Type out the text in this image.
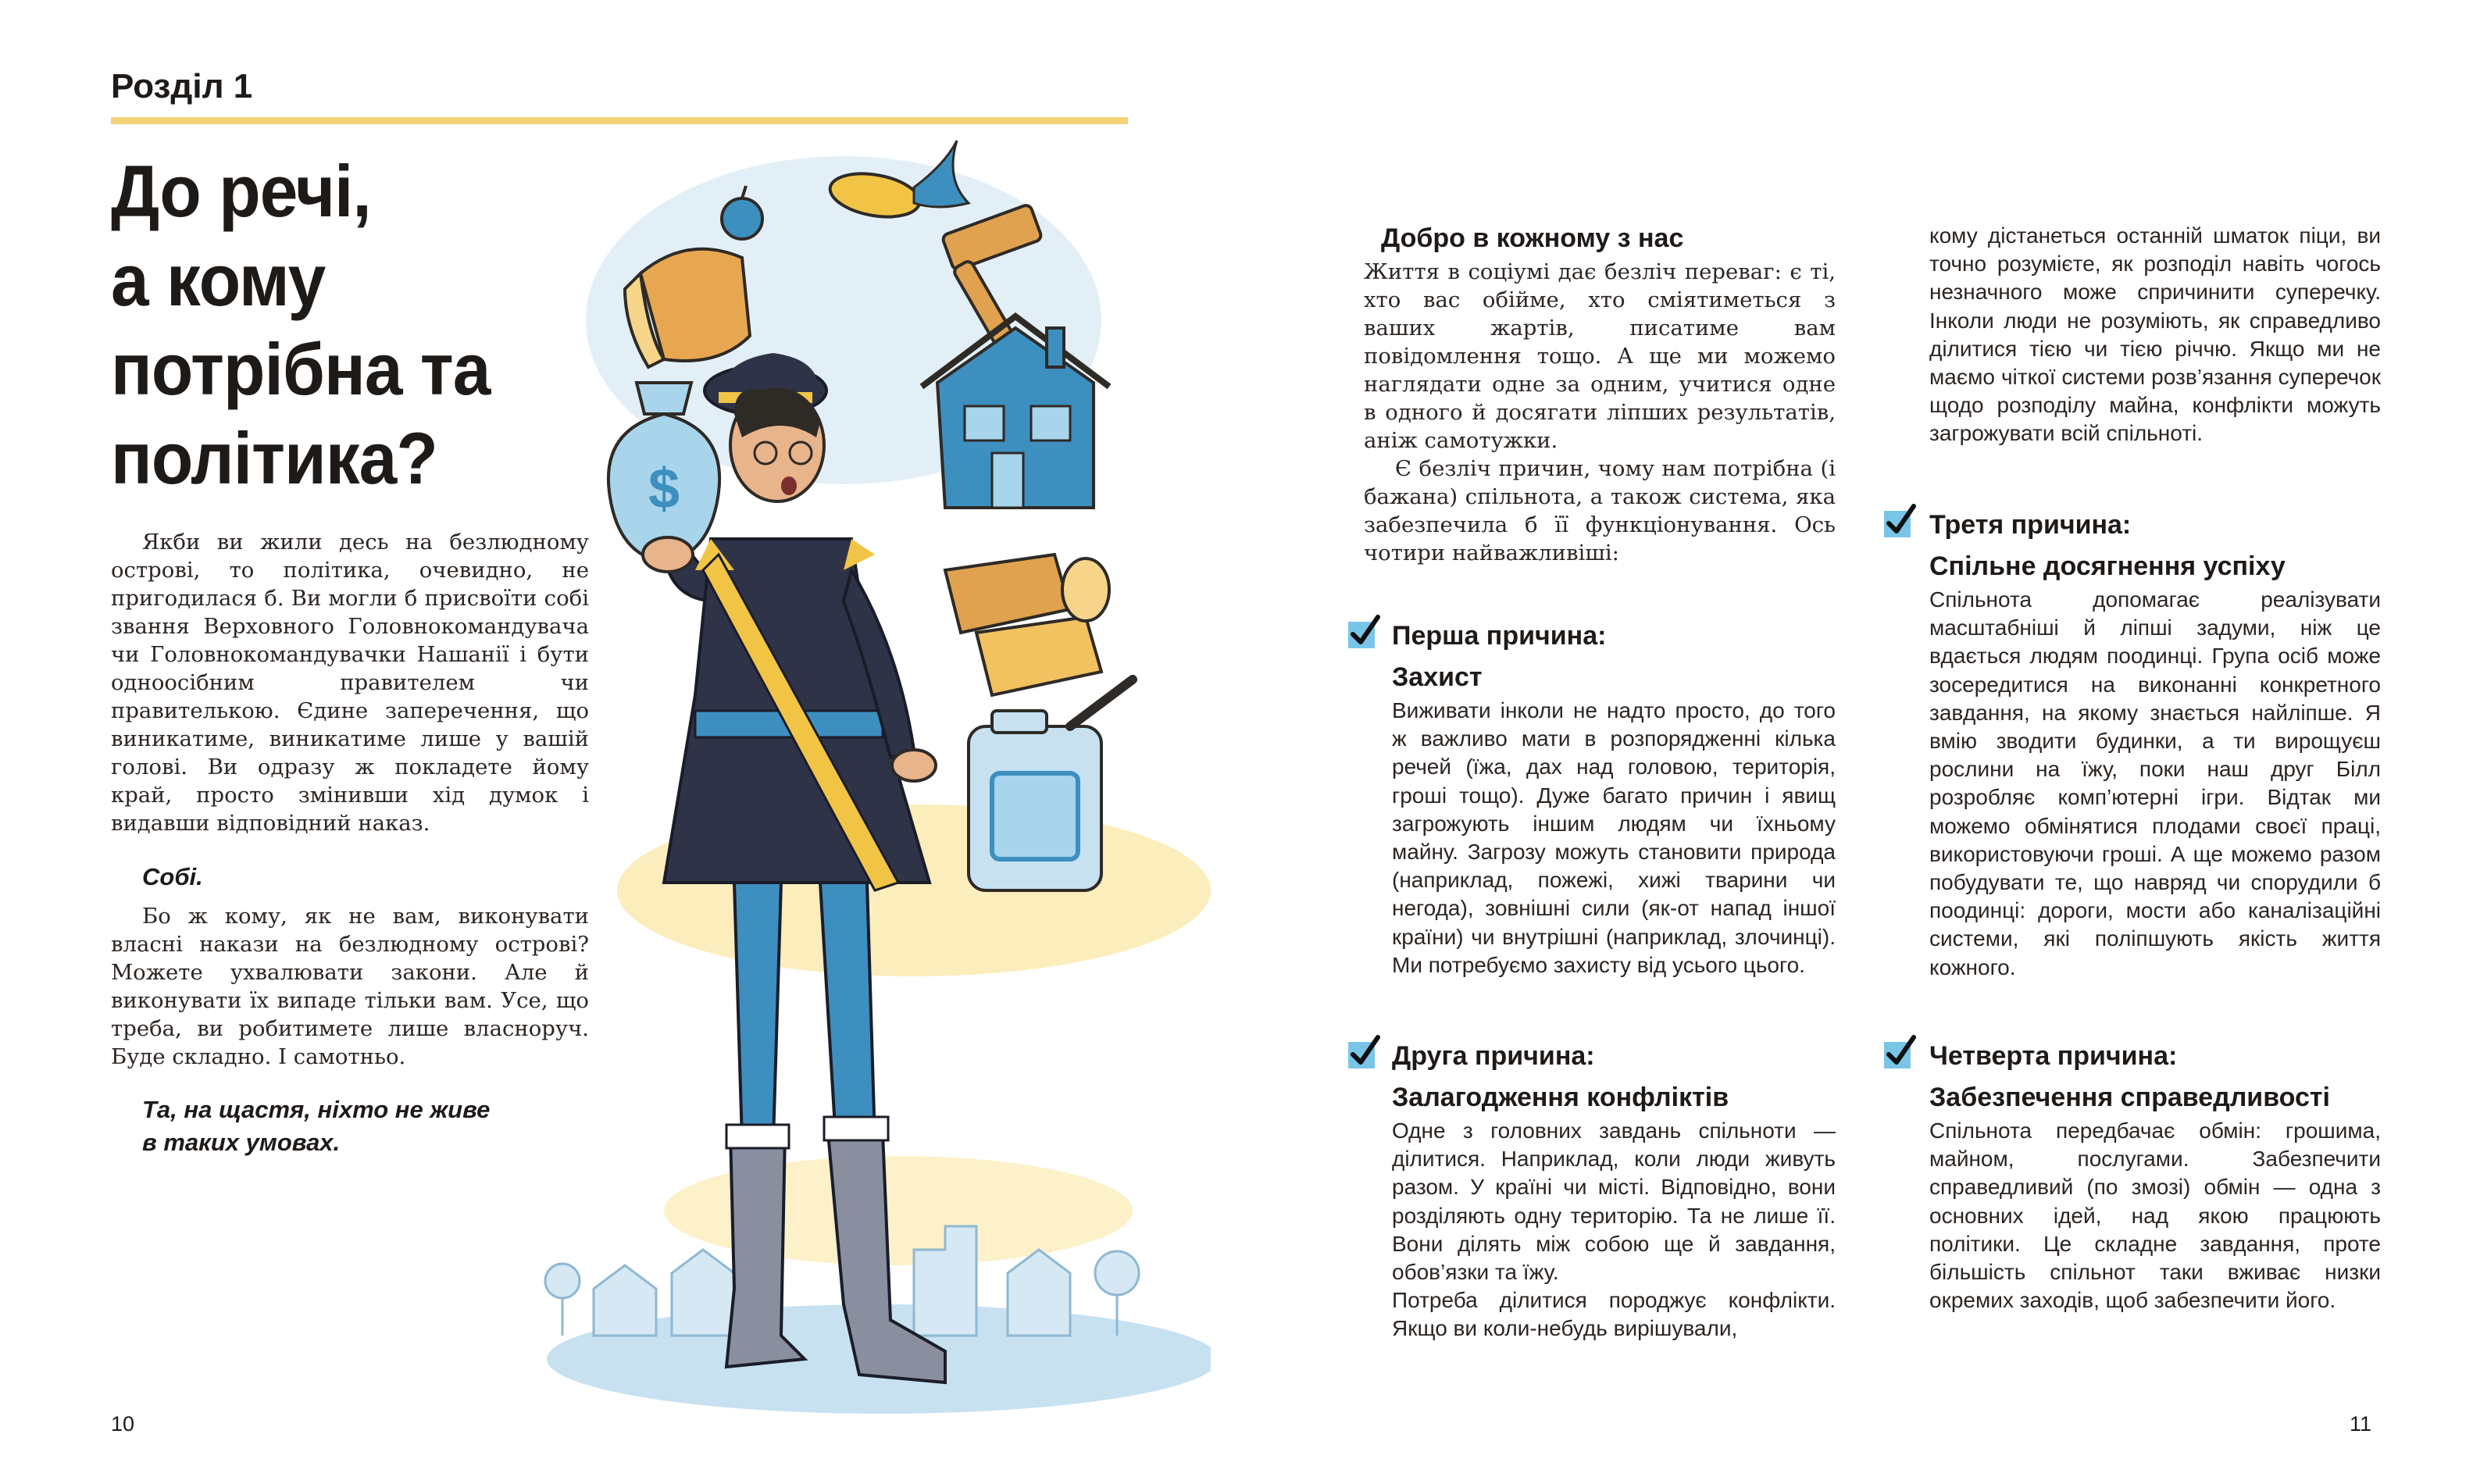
Розділ 1
До речі,
а кому
потрібна та
політика?

Якби ви жили десь на безлюдному острові, то політика, очевидно, не пригодилася б. Ви могли б присвоїти собі звання Верховного Головнокомандувача чи Головнокомандувачки Нашанії і бути одноосібним правителем чи правителькою. Єдине заперечення, що виникатиме, виникатиме лише у вашій голові. Ви одразу ж покладете йому край, просто змінивши хід думок і видавши відповідний наказ.

Собі.

Бо ж кому, як не вам, виконувати власні накази на безлюдному острові? Можете ухвалювати закони. Але й виконувати їх випаде тільки вам. Усе, що треба, ви робитимете лише власноруч. Буде складно. І самотньо.

Та, на щастя, ніхто не живе
в таких умовах.
10
$
Добро в кожному з нас

Життя в соціумі дає безліч переваг: є ті, хто вас обійме, хто сміятиметься з ваших жартів, писатиме вам повідомлення тощо. А ще ми можемо наглядати одне за одним, учитися одне в одного й досягати ліпших результатів, аніж самотужки.

Є безліч причин, чому нам потрібна (і бажана) спільнота, а також система, яка забезпечила б її функціонування. Ось чотири найважливіші:

Перша причина:
Захист

Виживати інколи не надто просто, до того ж важливо мати в розпорядженні кілька речей (їжа, дах над головою, територія, гроші тощо). Дуже багато причин і явищ загрожують іншим людям чи їхньому майну. Загрозу можуть становити природа (наприклад, пожежі, хижі тварини чи негода), зовнішні сили (як-от напад іншої країни) чи внутрішні (наприклад, злочинці). Ми потребуємо захисту від усього цього.

Друга причина:
Залагодження конфліктів

Одне з головних завдань спільноти — ділитися. Наприклад, коли люди живуть разом. У країні чи місті. Відповідно, вони розділяють одну територію. Та не лише її. Вони ділять між собою ще й завдання, обов’язки та їжу.

Потреба ділитися породжує конфлікти. Якщо ви коли-небудь вирішували,

кому дістанеться останній шматок піци, ви точно розумієте, як розподіл навіть чогось незначного може спричинити суперечку. Інколи люди не розуміють, як справедливо ділитися тією чи тією річчю. Якщо ми не маємо чіткої системи розв’язання суперечок щодо розподілу майна, конфлікти можуть загрожувати всій спільноті.

Третя причина:
Спільне досягнення успіху

Спільнота допомагає реалізувати масштабніші й ліпші задуми, ніж це вдається людям поодинці. Група осіб може зосередитися на виконанні конкретного завдання, на якому знається найліпше. Я вмію зводити будинки, а ти вирощуєш рослини на їжу, поки наш друг Білл розробляє комп’ютерні ігри. Відтак ми можемо обмінятися плодами своєї праці, використовуючи гроші. А ще можемо разом побудувати те, що навряд чи спорудили б поодинці: дороги, мости або каналізаційні системи, які поліпшують якість життя кожного.

Четверта причина:
Забезпечення справедливості

Спільнота передбачає обмін: грошима, майном, послугами. Забезпечити справедливий (по змозі) обмін — одна з основних ідей, над якою працюють політики. Це складне завдання, проте більшість спільнот таки вживає низки окремих заходів, щоб забезпечити його.

11
